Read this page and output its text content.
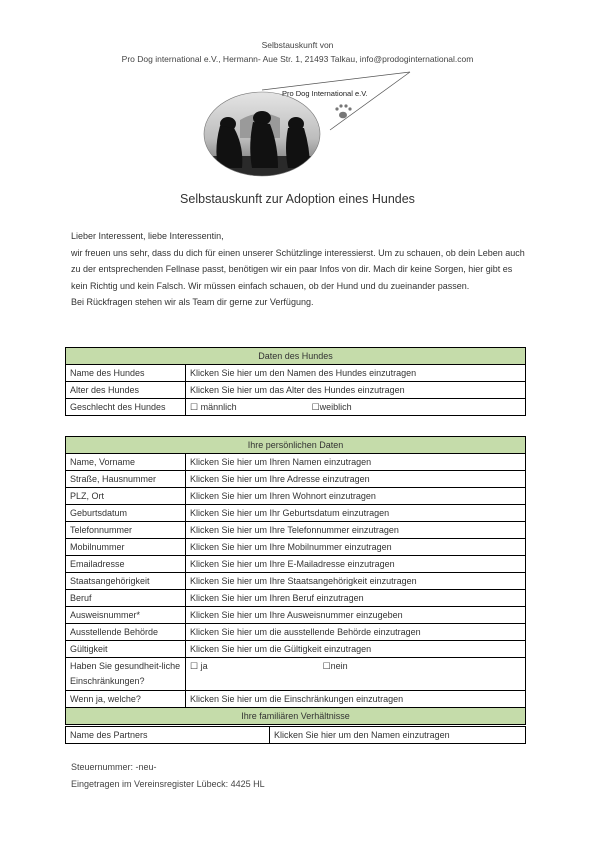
Selbstauskunft von
Pro Dog international e.V., Hermann- Aue Str. 1, 21493 Talkau, info@prodoginternational.com
Pro Dog International e.V.
Selbstauskunft zur Adoption eines Hundes

Lieber Interessent, liebe Interessentin,

wir freuen uns sehr, dass du dich für einen unserer Schützlinge interessierst. Um zu schauen, ob dein Leben auch zu der entsprechenden Fellnase passt, benötigen wir ein paar Infos von dir. Mach dir keine Sorgen, hier gibt es kein Richtig und kein Falsch. Wir müssen einfach schauen, ob der Hund und du zueinander passen.

Bei Rückfragen stehen wir als Team dir gerne zur Verfügung.

Daten des Hundes	
Name des Hundes	Klicken Sie hier um den Namen des Hundes einzutragen
Alter des Hundes	Klicken Sie hier um das Alter des Hundes einzutragen
Geschlecht des Hundes	☐ männlich ☐weiblich
Ihre persönlichen Daten	
Name, Vorname	Klicken Sie hier um Ihren Namen einzutragen
Straße, Hausnummer	Klicken Sie hier um Ihre Adresse einzutragen
PLZ, Ort	Klicken Sie hier um Ihren Wohnort einzutragen
Geburtsdatum	Klicken Sie hier um Ihr Geburtsdatum einzutragen
Telefonnummer	Klicken Sie hier um Ihre Telefonnummer einzutragen
Mobilnummer	Klicken Sie hier um Ihre Mobilnummer einzutragen
Emailadresse	Klicken Sie hier um Ihre E-Mailadresse einzutragen
Staatsangehörigkeit	Klicken Sie hier um Ihre Staatsangehörigkeit einzutragen
Beruf	Klicken Sie hier um Ihren Beruf einzutragen
Ausweisnummer*	Klicken Sie hier um Ihre Ausweisnummer einzugeben
Ausstellende Behörde	Klicken Sie hier um die ausstellende Behörde einzutragen
Gültigkeit	Klicken Sie hier um die Gültigkeit einzutragen
Haben Sie gesundheit-liche Einschränkungen?	☐ ja ☐nein
Wenn ja, welche?	Klicken Sie hier um die Einschränkungen einzutragen
Ihre familiären Verhältnisse	
Name des Partners	Klicken Sie hier um den Namen einzutragen
Steuernummer: -neu-
Eingetragen im Vereinsregister Lübeck: 4425 HL
